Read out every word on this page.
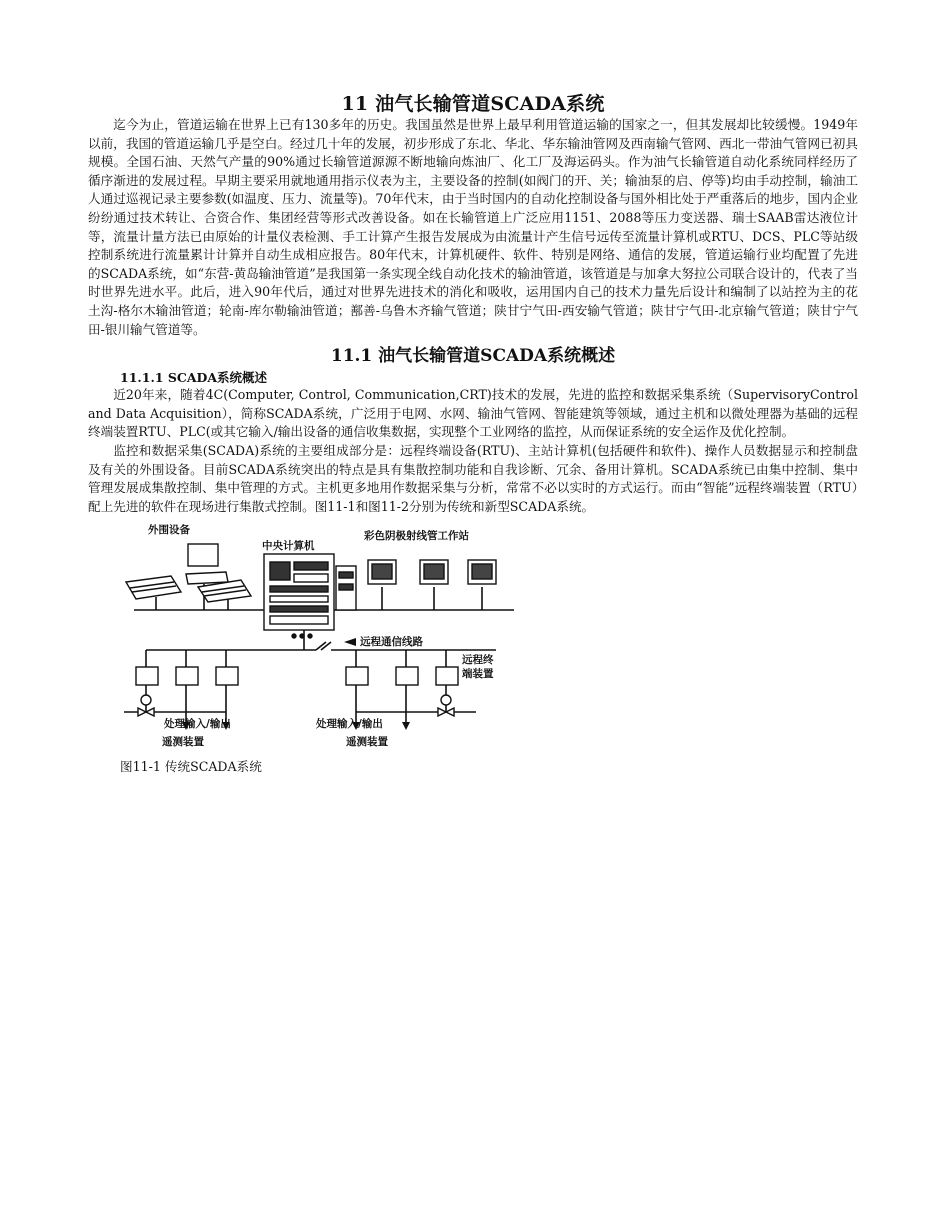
11 油气长输管道SCADA系统

迄今为止，管道运输在世界上已有130多年的历史。我国虽然是世界上最早利用管道运输的国家之一，但其发展却比较缓慢。1949年以前，我国的管道运输几乎是空白。经过几十年的发展，初步形成了东北、华北、华东输油管网及西南输气管网、西北一带油气管网已初具规模。全国石油、天然气产量的90%通过长输管道源源不断地输向炼油厂、化工厂及海运码头。作为油气长输管道自动化系统同样经历了循序渐进的发展过程。早期主要采用就地通用指示仪表为主，主要设备的控制(如阀门的开、关；输油泵的启、停等)均由手动控制，输油工人通过巡视记录主要参数(如温度、压力、流量等)。70年代末，由于当时国内的自动化控制设备与国外相比处于严重落后的地步，国内企业纷纷通过技术转让、合资合作、集团经营等形式改善设备。如在长输管道上广泛应用1151、2088等压力变送器、瑞士SAAB雷达液位计等，流量计量方法已由原始的计量仪表检测、手工计算产生报告发展成为由流量计产生信号远传至流量计算机或RTU、DCS、PLC等站级控制系统进行流量累计计算并自动生成相应报告。80年代末，计算机硬件、软件、特别是网络、通信的发展，管道运输行业均配置了先进的SCADA系统，如“东营-黄岛输油管道”是我国第一条实现全线自动化技术的输油管道，该管道是与加拿大努拉公司联合设计的，代表了当时世界先进水平。此后，进入90年代后，通过对世界先进技术的消化和吸收，运用国内自己的技术力量先后设计和编制了以站控为主的花土沟-格尔木输油管道；轮南-库尔勒输油管道；鄯善-乌鲁木齐输气管道；陕甘宁气田-西安输气管道；陕甘宁气田-北京输气管道；陕甘宁气田-银川输气管道等。

11.1 油气长输管道SCADA系统概述
11.1.1 SCADA系统概述

近20年来，随着4C(Computer, Control, Communication,CRT)技术的发展，先进的监控和数据采集系统（SupervisoryControl and Data Acquisition），简称SCADA系统，广泛用于电网、水网、输油气管网、智能建筑等领域，通过主机和以微处理器为基础的远程终端装置RTU、PLC(或其它输入/输出设备的通信收集数据，实现整个工业网络的监控，从而保证系统的安全运作及优化控制。

监控和数据采集(SCADA)系统的主要组成部分是：远程终端设备(RTU)、主站计算机(包括硬件和软件)、操作人员数据显示和控制盘及有关的外围设备。目前SCADA系统突出的特点是具有集散控制功能和自我诊断、冗余、备用计算机。SCADA系统已由集中控制、集中管理发展成集散控制、集中管理的方式。主机更多地用作数据采集与分析，常常不必以实时的方式运行。而由“智能”远程终端装置（RTU）配上先进的软件在现场进行集散式控制。图11-1和图11-2分别为传统和新型SCADA系统。

外围设备
中央计算机
彩色阴极射线管工作站
远程通信线路
远程终
端装置
处理输入/输出
遥测装置
处理输入/输出
遥测装置
图11-1 传统SCADA系统
